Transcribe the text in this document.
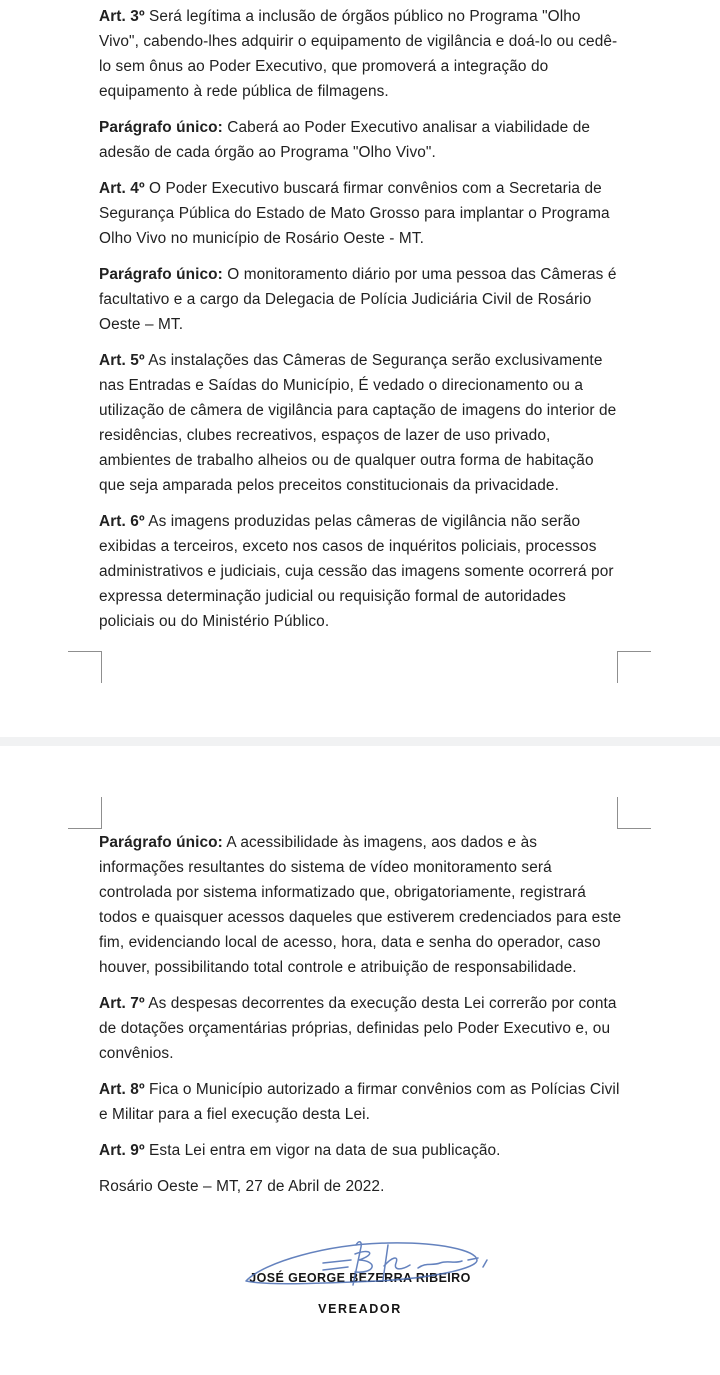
Art. 3º Será legítima a inclusão de órgãos público no Programa "Olho Vivo", cabendo-lhes adquirir o equipamento de vigilância e doá-lo ou cedê-lo sem ônus ao Poder Executivo, que promoverá a integração do equipamento à rede pública de filmagens.

Parágrafo único: Caberá ao Poder Executivo analisar a viabilidade de adesão de cada órgão ao Programa "Olho Vivo".

Art. 4º O Poder Executivo buscará firmar convênios com a Secretaria de Segurança Pública do Estado de Mato Grosso para implantar o Programa Olho Vivo no município de Rosário Oeste - MT.

Parágrafo único: O monitoramento diário por uma pessoa das Câmeras é facultativo e a cargo da Delegacia de Polícia Judiciária Civil de Rosário Oeste – MT.

Art. 5º As instalações das Câmeras de Segurança serão exclusivamente nas Entradas e Saídas do Município, É vedado o direcionamento ou a utilização de câmera de vigilância para captação de imagens do interior de residências, clubes recreativos, espaços de lazer de uso privado, ambientes de trabalho alheios ou de qualquer outra forma de habitação que seja amparada pelos preceitos constitucionais da privacidade.

Art. 6º As imagens produzidas pelas câmeras de vigilância não serão exibidas a terceiros, exceto nos casos de inquéritos policiais, processos administrativos e judiciais, cuja cessão das imagens somente ocorrerá por expressa determinação judicial ou requisição formal de autoridades policiais ou do Ministério Público.

Parágrafo único: A acessibilidade às imagens, aos dados e às informações resultantes do sistema de vídeo monitoramento será controlada por sistema informatizado que, obrigatoriamente, registrará todos e quaisquer acessos daqueles que estiverem credenciados para este fim, evidenciando local de acesso, hora, data e senha do operador, caso houver, possibilitando total controle e atribuição de responsabilidade.

Art. 7º As despesas decorrentes da execução desta Lei correrão por conta de dotações orçamentárias próprias, definidas pelo Poder Executivo e, ou convênios.

Art. 8º Fica o Município autorizado a firmar convênios com as Polícias Civil e Militar para a fiel execução desta Lei.

Art. 9º Esta Lei entra em vigor na data de sua publicação.

Rosário Oeste – MT, 27 de Abril de 2022.

JOSÉ GEORGE BEZERRA RIBEIRO
VEREADOR
